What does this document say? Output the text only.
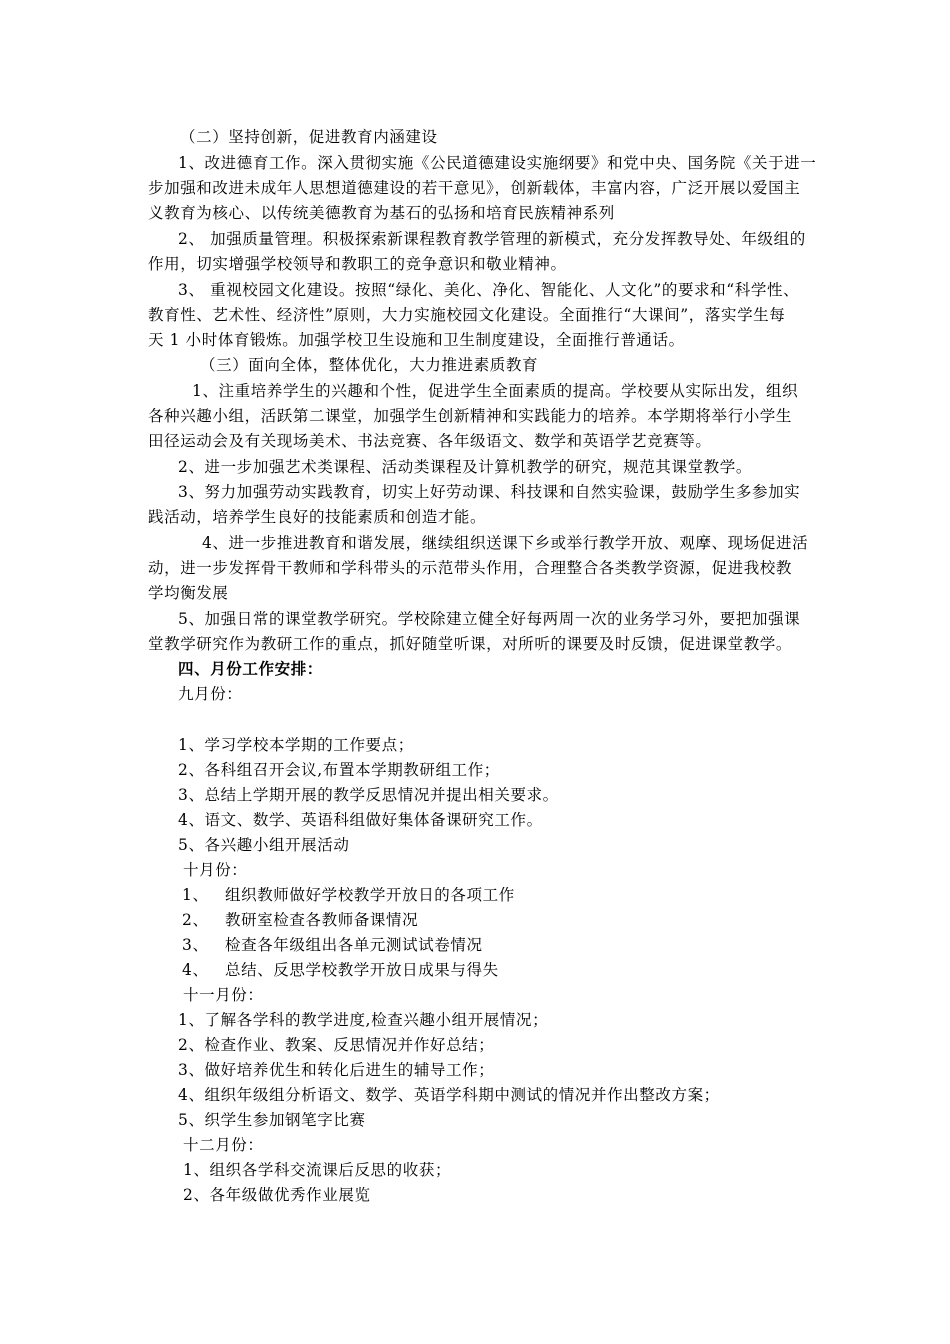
（二）坚持创新，促进教育内涵建设
1、改进德育工作。深入贯彻实施《公民道德建设实施纲要》和党中央、国务院《关于进一
步加强和改进未成年人思想道德建设的若干意见》，创新载体，丰富内容，广泛开展以爱国主
义教育为核心、以传统美德教育为基石的弘扬和培育民族精神系列
2、 加强质量管理。积极探索新课程教育教学管理的新模式，充分发挥教导处、年级组的
作用，切实增强学校领导和教职工的竞争意识和敬业精神。
3、 重视校园文化建设。按照“绿化、美化、净化、智能化、人文化”的要求和“科学性、
教育性、艺术性、经济性”原则，大力实施校园文化建设。全面推行“大课间”，落实学生每
天 1 小时体育锻炼。加强学校卫生设施和卫生制度建设，全面推行普通话。
（三）面向全体，整体优化，大力推进素质教育
1、注重培养学生的兴趣和个性，促进学生全面素质的提高。学校要从实际出发，组织
各种兴趣小组，活跃第二课堂，加强学生创新精神和实践能力的培养。本学期将举行小学生
田径运动会及有关现场美术、书法竞赛、各年级语文、数学和英语学艺竞赛等。
2、进一步加强艺术类课程、活动类课程及计算机教学的研究，规范其课堂教学。
3、努力加强劳动实践教育，切实上好劳动课、科技课和自然实验课，鼓励学生多参加实
践活动，培养学生良好的技能素质和创造才能。
4、进一步推进教育和谐发展，继续组织送课下乡或举行教学开放、观摩、现场促进活
动，进一步发挥骨干教师和学科带头的示范带头作用，合理整合各类教学资源，促进我校教
学均衡发展
5、加强日常的课堂教学研究。学校除建立健全好每两周一次的业务学习外，要把加强课
堂教学研究作为教研工作的重点，抓好随堂听课，对所听的课要及时反馈，促进课堂教学。
四、月份工作安排：
九月份：
1、学习学校本学期的工作要点；
2、各科组召开会议,布置本学期教研组工作；
3、总结上学期开展的教学反思情况并提出相关要求。
4、语文、数学、英语科组做好集体备课研究工作。
5、各兴趣小组开展活动
十月份：
1、 组织教师做好学校教学开放日的各项工作
2、 教研室检查各教师备课情况
3、 检查各年级组出各单元测试试卷情况
4、 总结、反思学校教学开放日成果与得失
十一月份：
1、了解各学科的教学进度,检查兴趣小组开展情况；
2、检查作业、教案、反思情况并作好总结；
3、做好培养优生和转化后进生的辅导工作；
4、组织年级组分析语文、数学、英语学科期中测试的情况并作出整改方案；
5、织学生参加钢笔字比赛
十二月份：
1、组织各学科交流课后反思的收获；
2、各年级做优秀作业展览
